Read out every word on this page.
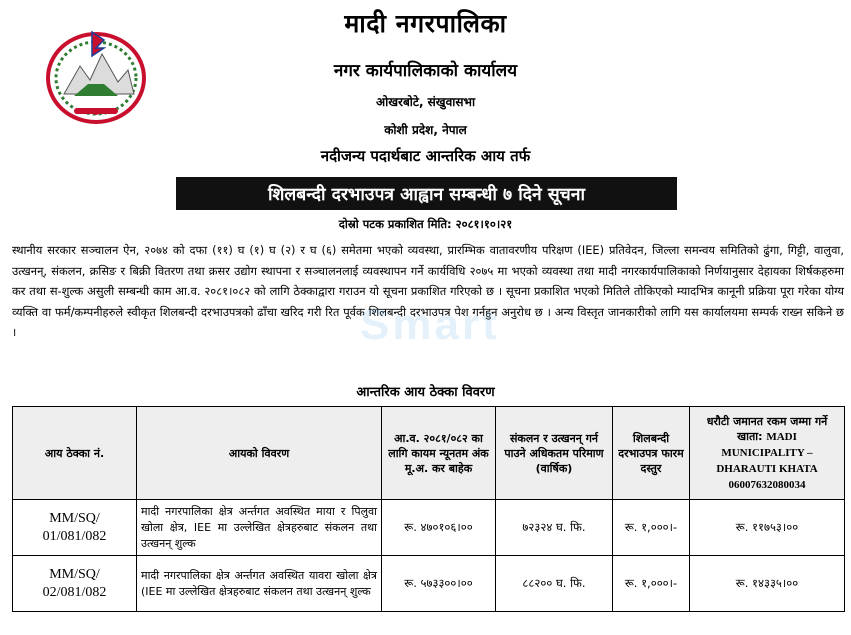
मादी नगरपालिका
नगर कार्यपालिकाको कार्यालय
ओखरबोटे, संखुवासभा
कोशी प्रदेश, नेपाल
नदीजन्य पदार्थबाट आन्तरिक आय तर्फ
शिलबन्दी दरभाउपत्र आह्वान सम्बन्धी ७ दिने सूचना
दोस्रो पटक प्रकाशित मिति: २०८१।१०।२१
स्थानीय सरकार सञ्चालन ऐन, २०७४ को दफा (११) घ (१) घ (२) र घ (६) समेतमा भएको व्यवस्था, प्रारम्भिक वातावरणीय परिक्षण (IEE) प्रतिवेदन, जिल्ला समन्वय समितिको ढुंगा, गिट्टी, वालुवा, उत्खनन्, संकलन, क्रसिङ र बिक्री वितरण तथा क्रसर उद्योग स्थापना र सञ्चालनलाई व्यवस्थापन गर्ने कार्यविधि २०७५ मा भएको व्यवस्था तथा मादी नगरकार्यपालिकाको निर्णयानुसार देहायका शिर्षकहरुमा कर तथा स-शुल्क असुली सम्बन्धी काम आ.व. २०८१।०८२ को लागि ठेक्काद्वारा गराउन यो सूचना प्रकाशित गरिएको छ । सूचना प्रकाशित भएको मितिले तोकिएको म्यादभित्र कानूनी प्रक्रिया पूरा गरेका योग्य व्यक्ति वा फर्म/कम्पनीहरुले स्वीकृत शिलबन्दी दरभाउपत्रको ढाँचा खरिद गरी रित पूर्वक शिलबन्दी दरभाउपत्र पेश गर्नहुन अनुरोध छ । अन्य विस्तृत जानकारीको लागि यस कार्यालयमा सम्पर्क राख्न सकिने छ ।	Smart
आन्तरिक आय ठेक्का विवरण
आय ठेक्का नं.	आयको विवरण	आ.व. २०८१/०८२ का लागि कायम न्यूनतम अंक मू.अ. कर बाहेक	संकलन र उत्खनन् गर्न पाउने अधिकतम परिमाण (वार्षिक)	शिलबन्दी दरभाउपत्र फारम दस्तुर	धरौटी जमानत रकम जम्मा गर्ने खाता: MADI MUNICIPALITY – DHARAUTI KHATA 06007632080034
MM/SQ/ 01/081/082	मादी नगरपालिका क्षेत्र अर्न्तगत अवस्थित माया र पिलुवा खोला क्षेत्र, IEE मा उल्लेखित क्षेत्रहरुबाट संकलन तथा उत्खनन् शुल्क	रू. ४७०१०६।००	७२३२४ घ. फि.	रू. १,०००।-	रू. ११७५३।००
MM/SQ/ 02/081/082	मादी नगरपालिका क्षेत्र अर्न्तगत अवस्थित यावरा खोला क्षेत्र (IEE मा उल्लेखित क्षेत्रहरुबाट संकलन तथा उत्खनन् शुल्क	रू. ५७३३००।००	८८२०० घ. फि.	रू. १,०००।-	रू. १४३३५।००
